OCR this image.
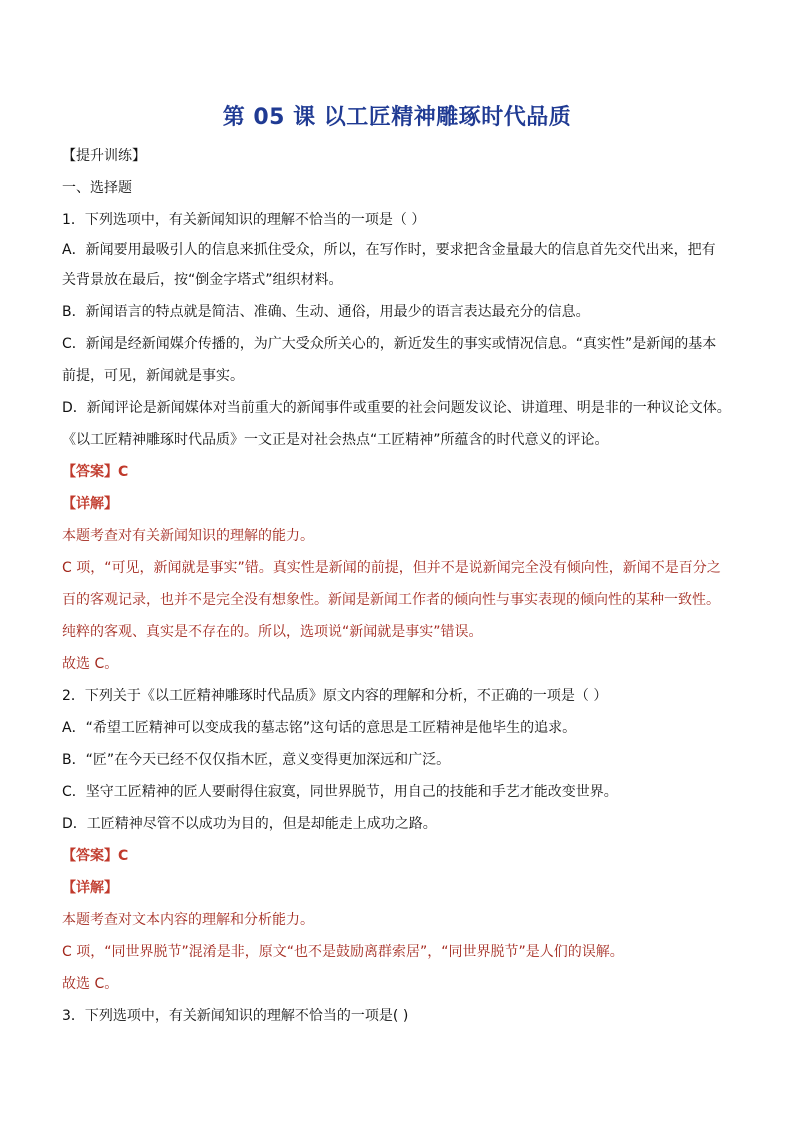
第 05 课 以工匠精神雕琢时代品质
【提升训练】
一、选择题
1．下列选项中，有关新闻知识的理解不恰当的一项是（ ）
A．新闻要用最吸引人的信息来抓住受众，所以，在写作时，要求把含金量最大的信息首先交代出来，把有
关背景放在最后，按“倒金字塔式”组织材料。
B．新闻语言的特点就是简洁、准确、生动、通俗，用最少的语言表达最充分的信息。
C．新闻是经新闻媒介传播的，为广大受众所关心的，新近发生的事实或情况信息。“真实性”是新闻的基本
前提，可见，新闻就是事实。
D．新闻评论是新闻媒体对当前重大的新闻事件或重要的社会问题发议论、讲道理、明是非的一种议论文体。
《以工匠精神雕琢时代品质》一文正是对社会热点“工匠精神”所蕴含的时代意义的评论。
【答案】C
【详解】
本题考查对有关新闻知识的理解的能力。
C 项，“可见，新闻就是事实”错。真实性是新闻的前提，但并不是说新闻完全没有倾向性，新闻不是百分之
百的客观记录，也并不是完全没有想象性。新闻是新闻工作者的倾向性与事实表现的倾向性的某种一致性。
纯粹的客观、真实是不存在的。所以，选项说“新闻就是事实”错误。
故选 C。
2．下列关于《以工匠精神雕琢时代品质》原文内容的理解和分析，不正确的一项是（ ）
A．“希望工匠精神可以变成我的墓志铭”这句话的意思是工匠精神是他毕生的追求。
B．“匠”在今天已经不仅仅指木匠，意义变得更加深远和广泛。
C．坚守工匠精神的匠人要耐得住寂寞，同世界脱节，用自己的技能和手艺才能改变世界。
D．工匠精神尽管不以成功为目的，但是却能走上成功之路。
【答案】C
【详解】
本题考查对文本内容的理解和分析能力。
C 项，“同世界脱节”混淆是非，原文“也不是鼓励离群索居”，“同世界脱节”是人们的误解。
故选 C。
3．下列选项中，有关新闻知识的理解不恰当的一项是( )
